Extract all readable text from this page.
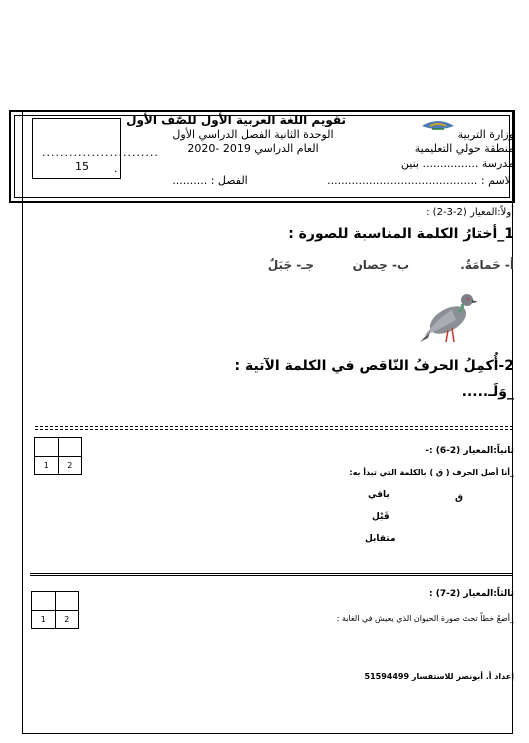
..........................
15 .
تقويم اللغة العربية الأول للصّف الأول
الوحدة الثانية الفصل الدراسي الأول
العام الدراسي 2019 -2020
الفصل : ..........
وزارة التربية
منطقة حولي التعليمية
مدرسة ................ بنين
الاسم : ...........................................
أولاً:المعيار (2-3-2) :
1_أختارُ الكلمة المناسبة للصورة :
أ- حَمامَةٌ.
ب- حِصان
جـ- جَبَلٌ
2-أُكمِلُ الحرفُ النّاقص في الكلمة الآتية :
_وَلَـ.....
1	2
ثانياً:المعيار (2-6) :-
_أنا أصل الحرف ( ق ) بالكلمة التي تبدأ به:
ق
باقي
قَبْل
متقابل
1	2
ثالثاً:المعيار (2-7) :
_أضعُ خطاً تحتَ صورة الحيوان الذي يعيش في الغابة :
إعداد أ. أبونصر للاستفسار 51594499
